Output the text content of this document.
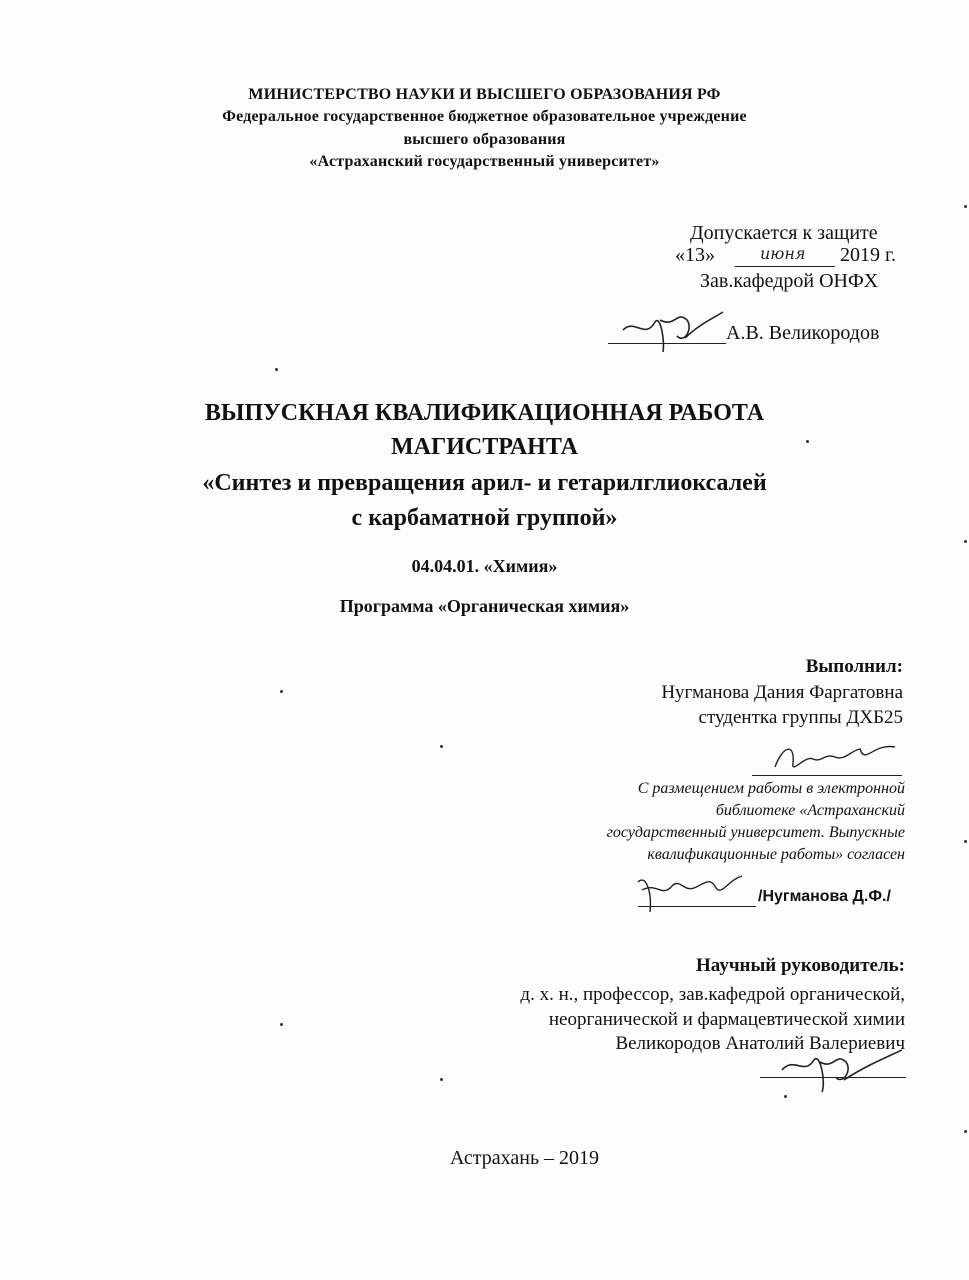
МИНИСТЕРСТВО НАУКИ И ВЫСШЕГО ОБРАЗОВАНИЯ РФ
Федеральное государственное бюджетное образовательное учреждение
высшего образования
«Астраханский государственный университет»
Допускается к защите
«13»	июня 2019 г.
Зав.кафедрой ОНФХ
А.В. Великородов
ВЫПУСКНАЯ КВАЛИФИКАЦИОННАЯ РАБОТА
МАГИСТРАНТА
«Синтез и превращения арил- и гетарилглиоксалей
с карбаматной группой»
04.04.01. «Химия»
Программа «Органическая химия»
Выполнил:
Нугманова Дания Фаргатовна
студентка группы ДХБ25
С размещением работы в электронной
библиотеке «Астраханский
государственный университет. Выпускные
квалификационные работы» согласен
/Нугманова Д.Ф./
Научный руководитель:
д. х. н., профессор, зав.кафедрой органической,
неорганической и фармацевтической химии
Великородов Анатолий Валериевич
Астрахань – 2019
